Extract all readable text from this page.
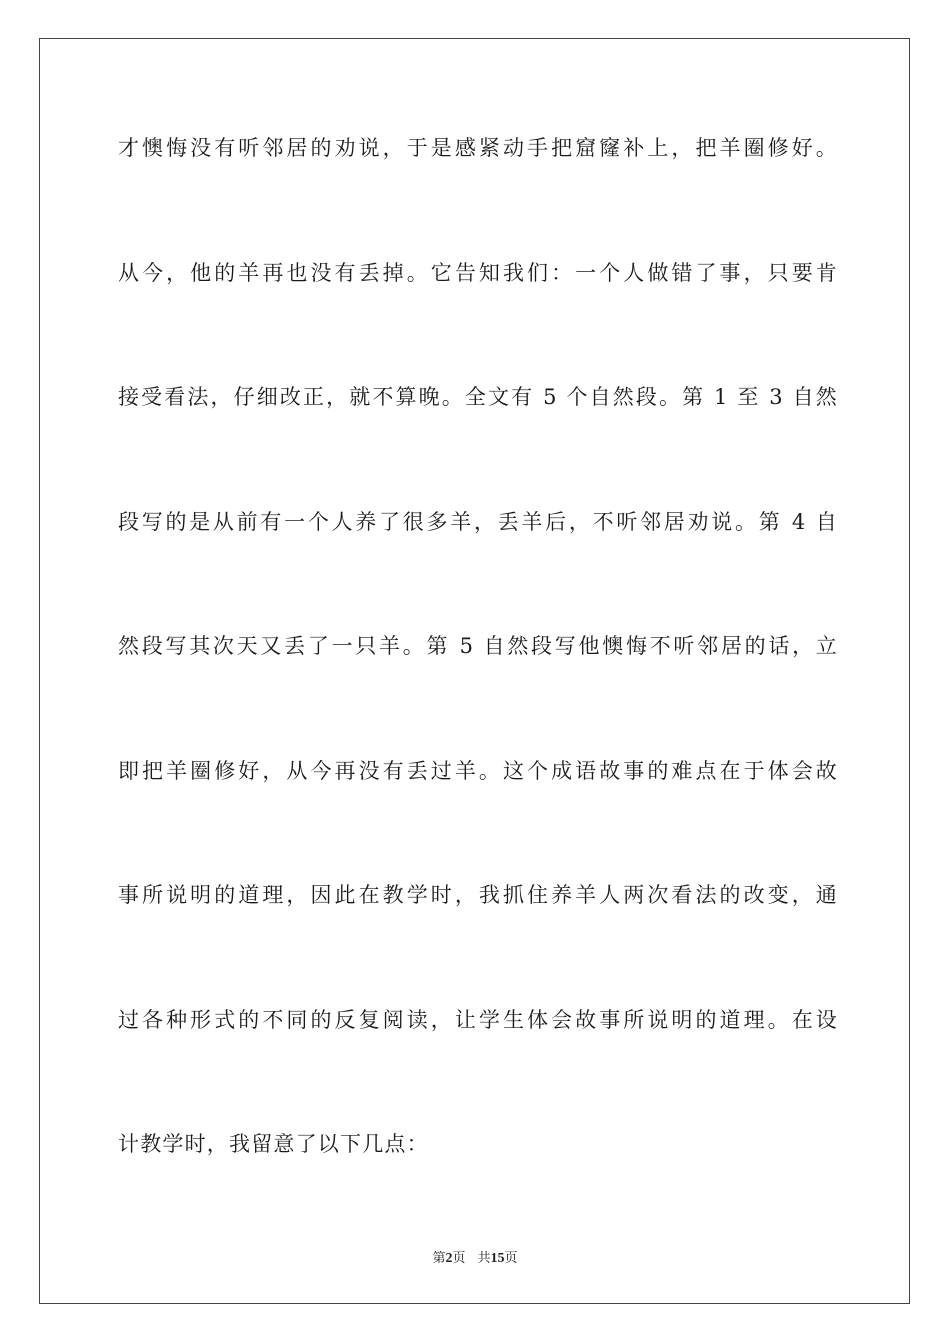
才懊悔没有听邻居的劝说，于是感紧动手把窟窿补上，把羊圈修好。
从今，他的羊再也没有丢掉。它告知我们：一个人做错了事，只要肯
接受看法，仔细改正，就不算晚。全文有 5 个自然段。第 1 至 3 自然
段写的是从前有一个人养了很多羊，丢羊后，不听邻居劝说。第 4 自
然段写其次天又丢了一只羊。第 5 自然段写他懊悔不听邻居的话，立
即把羊圈修好，从今再没有丢过羊。这个成语故事的难点在于体会故
事所说明的道理，因此在教学时，我抓住养羊人两次看法的改变，通
过各种形式的不同的反复阅读，让学生体会故事所说明的道理。在设
计教学时，我留意了以下几点：
第2页 共15页
